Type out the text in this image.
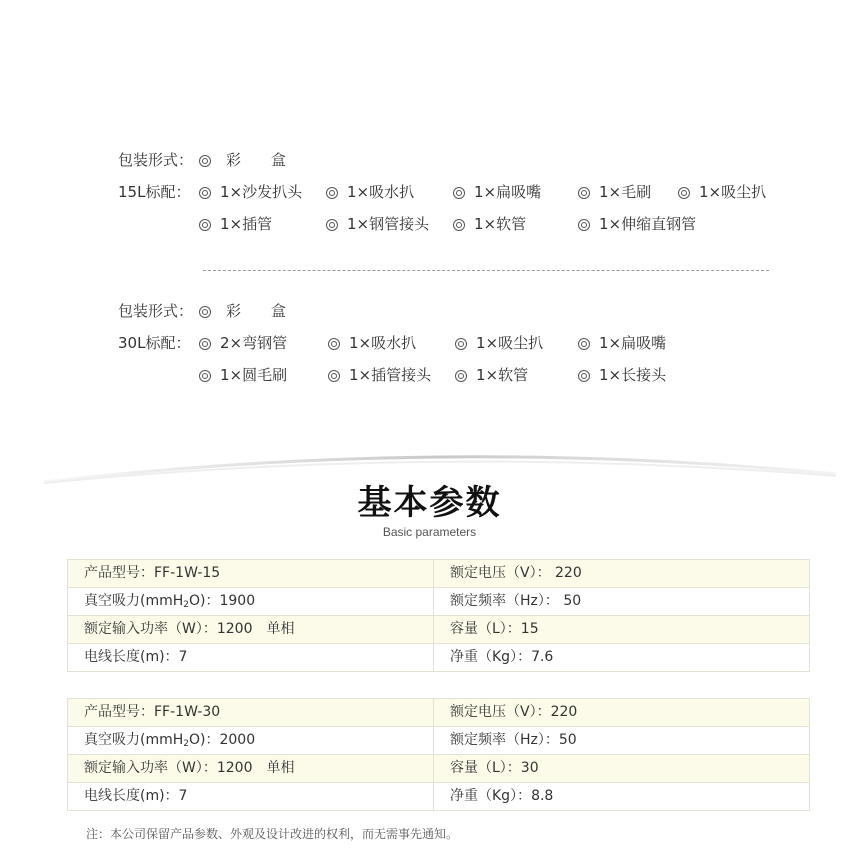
包装形式： 彩　　盒
15L标配：	1×沙发扒头	1×吸水扒	1×扁吸嘴	1×毛刷	1×吸尘扒
1×插管	1×钢管接头	1×软管	1×伸缩直钢管
包装形式： 彩　　盒
30L标配：	2×弯钢管	1×吸水扒	1×吸尘扒	1×扁吸嘴
1×圆毛刷	1×插管接头	1×软管	1×长接头
基本参数
Basic parameters
产品型号：FF-1W-15	额定电压（V）： 220
真空吸力(mmH$_2$O)：1900	额定频率（Hz）： 50
额定输入功率（W）：1200　单相	容量（L）：15
电线长度(m)：7	净重（Kg）：7.6
产品型号：FF-1W-30	额定电压（V）：220
真空吸力(mmH$_2$O)：2000	额定频率（Hz）：50
额定输入功率（W）：1200　单相	容量（L）：30
电线长度(m)：7	净重（Kg）：8.8
注：本公司保留产品参数、外观及设计改进的权利，而无需事先通知。
